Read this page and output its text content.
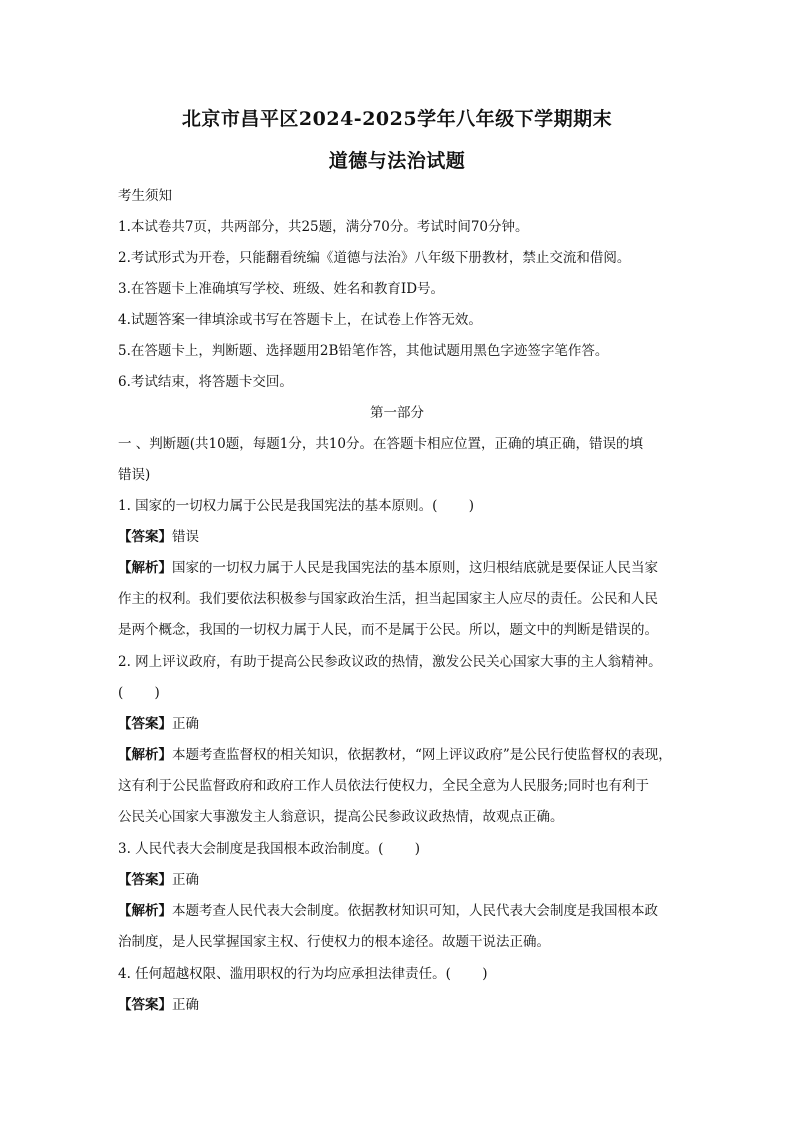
北京市昌平区2024-2025学年八年级下学期期末
道德与法治试题
考生须知
1.本试卷共7页，共两部分，共25题，满分70分。考试时间70分钟。
2.考试形式为开卷，只能翻看统编《道德与法治》八年级下册教材，禁止交流和借阅。
3.在答题卡上准确填写学校、班级、姓名和教育ID号。
4.试题答案一律填涂或书写在答题卡上，在试卷上作答无效。
5.在答题卡上，判断题、选择题用2B铅笔作答，其他试题用黑色字迹签字笔作答。
6.考试结束，将答题卡交回。
第一部分
一 、判断题(共10题，每题1分，共10分。在答题卡相应位置，正确的填正确，错误的填
错误)
1. 国家的一切权力属于公民是我国宪法的基本原则。(　　 )
【答案】错误
【解析】国家的一切权力属于人民是我国宪法的基本原则，这归根结底就是要保证人民当家
作主的权利。我们要依法积极参与国家政治生活，担当起国家主人应尽的责任。公民和人民
是两个概念，我国的一切权力属于人民，而不是属于公民。所以，题文中的判断是错误的。
2. 网上评议政府，有助于提高公民参政议政的热情，激发公民关心国家大事的主人翁精神。
(　　 )
【答案】正确
【解析】本题考查监督权的相关知识，依据教材，“网上评议政府”是公民行使监督权的表现，
这有利于公民监督政府和政府工作人员依法行使权力，全民全意为人民服务;同时也有利于
公民关心国家大事激发主人翁意识，提高公民参政议政热情，故观点正确。
3. 人民代表大会制度是我国根本政治制度。(　　 )
【答案】正确
【解析】本题考查人民代表大会制度。依据教材知识可知，人民代表大会制度是我国根本政
治制度，是人民掌握国家主权、行使权力的根本途径。故题干说法正确。
4. 任何超越权限、滥用职权的行为均应承担法律责任。(　　 )
【答案】正确
